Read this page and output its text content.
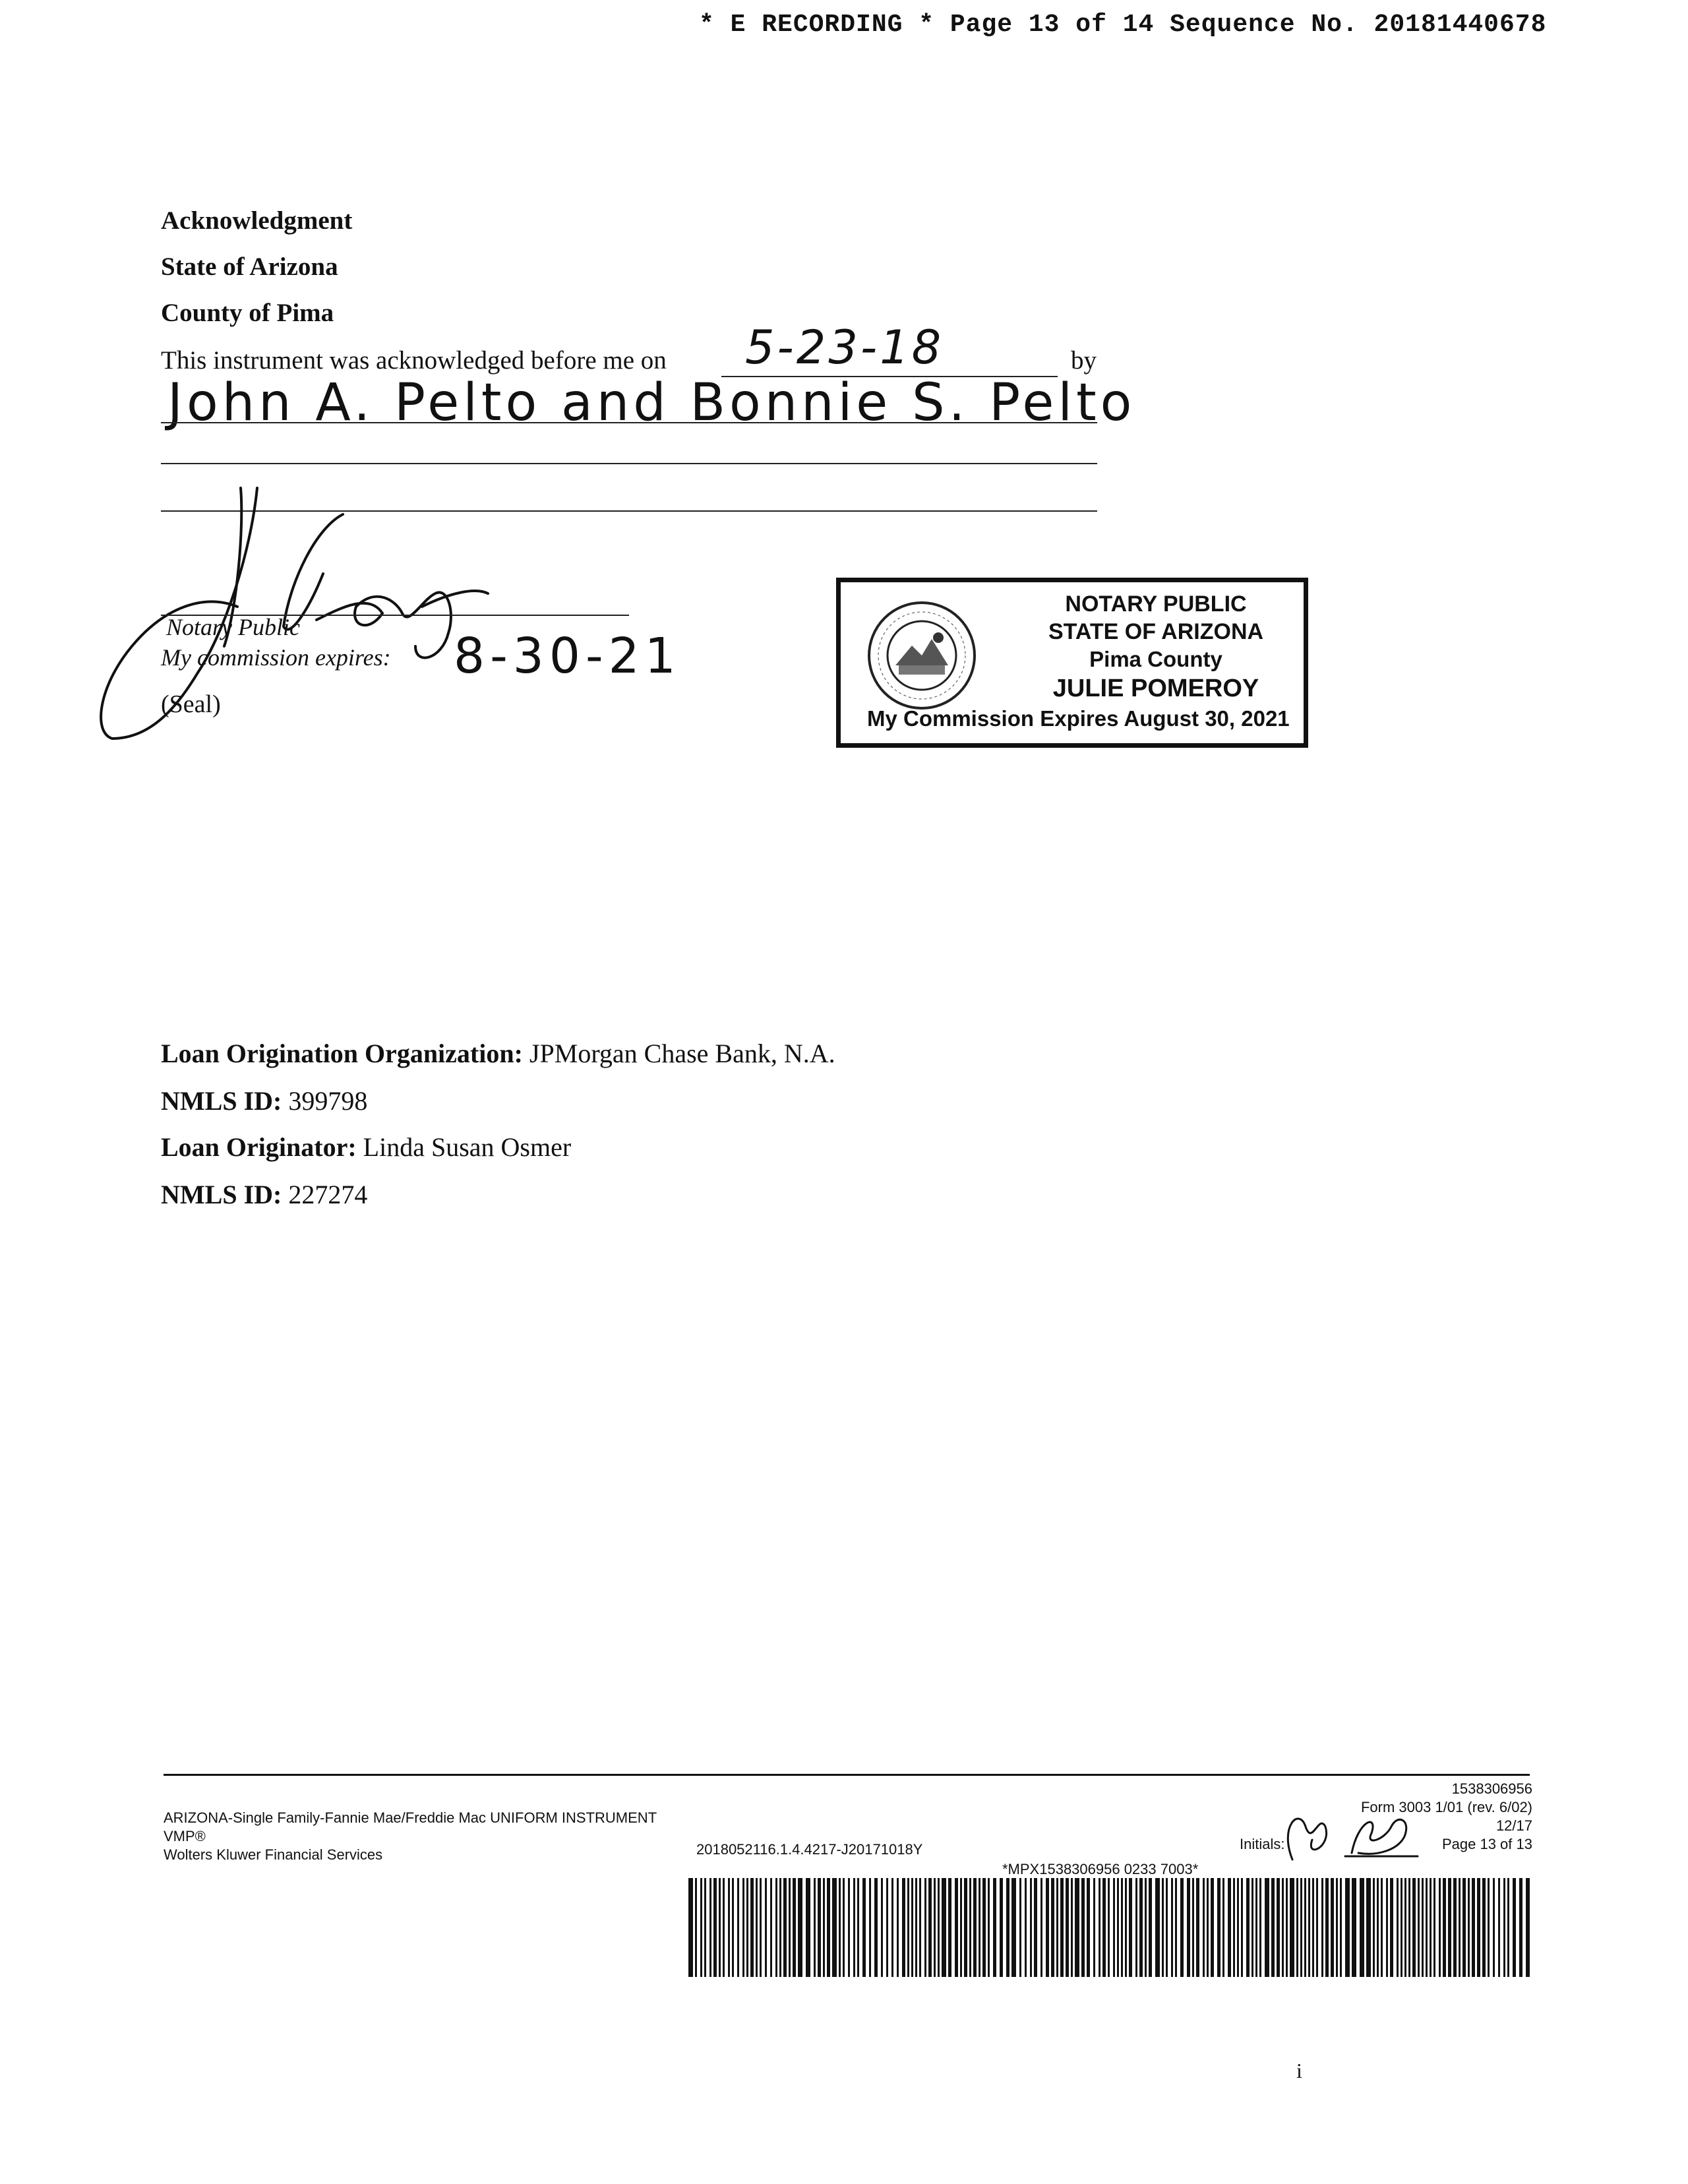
* E RECORDING * Page 13 of 14 Sequence No. 20181440678
Acknowledgment
State of Arizona
County of Pima
This instrument was acknowledged before me on 5-23-18	by
John A. Pelto and Bonnie S. Pelto
Notary Public
My commission expires: 8-30-21
(Seal)
NOTARY PUBLIC
STATE OF ARIZONA
Pima County
JULIE POMEROY
My Commission Expires August 30, 2021
Loan Origination Organization: JPMorgan Chase Bank, N.A.
NMLS ID: 399798
Loan Originator: Linda Susan Osmer
NMLS ID: 227274
1538306956
Form 3003 1/01 (rev. 6/02)
12/17
Page 13 of 13
Initials:
ARIZONA-Single Family-Fannie Mae/Freddie Mac UNIFORM INSTRUMENT
VMP®
Wolters Kluwer Financial Services	2018052116.1.4.4217-J20171018Y
*MPX1538306956 0233 7003*
i
